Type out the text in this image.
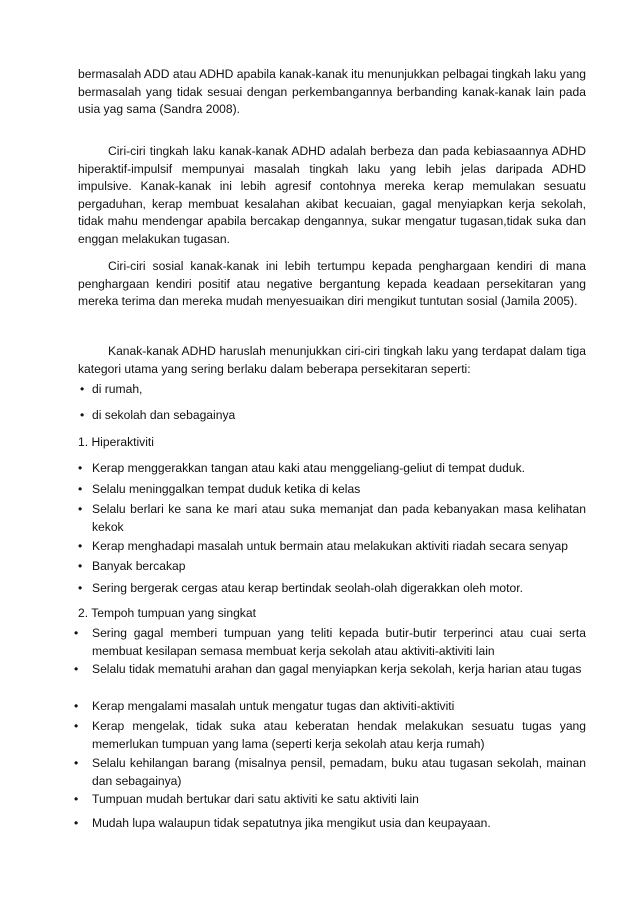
bermasalah ADD atau ADHD apabila kanak-kanak itu menunjukkan pelbagai tingkah laku yang bermasalah yang tidak sesuai dengan perkembangannya berbanding kanak-kanak lain pada usia yag sama (Sandra 2008).

Ciri-ciri tingkah laku kanak-kanak ADHD adalah berbeza dan pada kebiasaannya ADHD hiperaktif-impulsif mempunyai masalah tingkah laku yang lebih jelas daripada ADHD impulsive. Kanak-kanak ini lebih agresif contohnya mereka kerap memulakan sesuatu pergaduhan, kerap membuat kesalahan akibat kecuaian, gagal menyiapkan kerja sekolah, tidak mahu mendengar apabila bercakap dengannya, sukar mengatur tugasan,tidak suka dan enggan melakukan tugasan.

Ciri-ciri sosial kanak-kanak ini lebih tertumpu kepada penghargaan kendiri di mana penghargaan kendiri positif atau negative bergantung kepada keadaan persekitaran yang mereka terima dan mereka mudah menyesuaikan diri mengikut tuntutan sosial (Jamila 2005).

Kanak-kanak ADHD haruslah menunjukkan ciri-ciri tingkah laku yang terdapat dalam tiga kategori utama yang sering berlaku dalam beberapa persekitaran seperti:

• di rumah,
• di sekolah dan sebagainya
1. Hiperaktiviti
• Kerap menggerakkan tangan atau kaki atau menggeliang-geliut di tempat duduk.
• Selalu meninggalkan tempat duduk ketika di kelas
• Selalu berlari ke sana ke mari atau suka memanjat dan pada kebanyakan masa kelihatan kekok
• Kerap menghadapi masalah untuk bermain atau melakukan aktiviti riadah secara senyap
• Banyak bercakap
• Sering bergerak cergas atau kerap bertindak seolah-olah digerakkan oleh motor.
2. Tempoh tumpuan yang singkat
•	Sering gagal memberi tumpuan yang teliti kepada butir-butir terperinci atau cuai serta membuat kesilapan semasa membuat kerja sekolah atau aktiviti-aktiviti lain
•	Selalu tidak mematuhi arahan dan gagal menyiapkan kerja sekolah, kerja harian atau tugas
•	Kerap mengalami masalah untuk mengatur tugas dan aktiviti-aktiviti
•	Kerap mengelak, tidak suka atau keberatan hendak melakukan sesuatu tugas yang memerlukan tumpuan yang lama (seperti kerja sekolah atau kerja rumah)
•	Selalu kehilangan barang (misalnya pensil, pemadam, buku atau tugasan sekolah, mainan dan sebagainya)
•	Tumpuan mudah bertukar dari satu aktiviti ke satu aktiviti lain
•	Mudah lupa walaupun tidak sepatutnya jika mengikut usia dan keupayaan.
